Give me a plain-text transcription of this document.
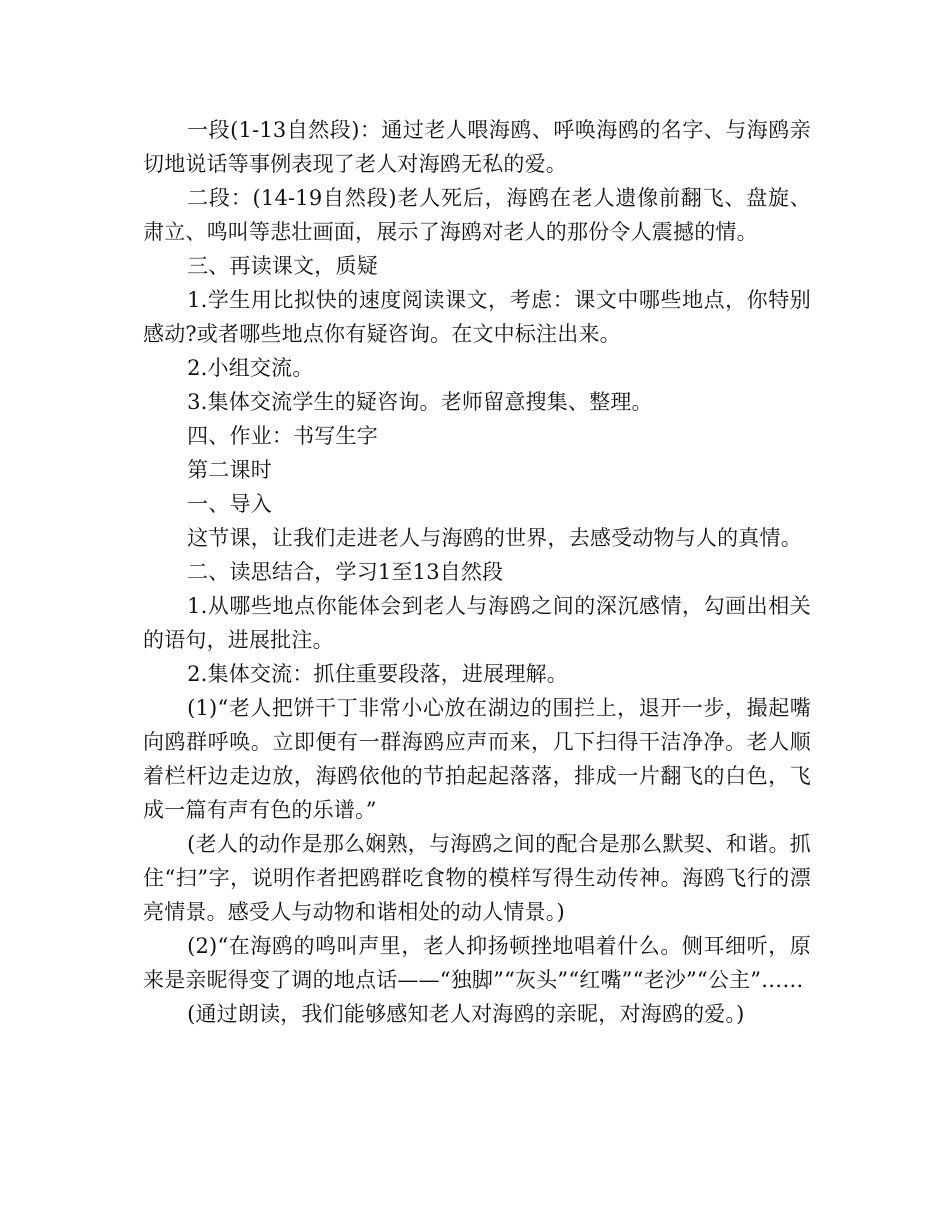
一段(1-13自然段)：通过老人喂海鸥、呼唤海鸥的名字、与海鸥亲切地说话等事例表现了老人对海鸥无私的爱。

二段：(14-19自然段)老人死后，海鸥在老人遗像前翻飞、盘旋、肃立、鸣叫等悲壮画面，展示了海鸥对老人的那份令人震撼的情。

三、再读课文，质疑

1.学生用比拟快的速度阅读课文，考虑：课文中哪些地点，你特别感动?或者哪些地点你有疑咨询。在文中标注出来。

2.小组交流。

3.集体交流学生的疑咨询。老师留意搜集、整理。

四、作业：书写生字

第二课时

一、导入

这节课，让我们走进老人与海鸥的世界，去感受动物与人的真情。

二、读思结合，学习1至13自然段

1.从哪些地点你能体会到老人与海鸥之间的深沉感情，勾画出相关的语句，进展批注。

2.集体交流：抓住重要段落，进展理解。

(1)“老人把饼干丁非常小心放在湖边的围拦上，退开一步，撮起嘴向鸥群呼唤。立即便有一群海鸥应声而来，几下扫得干洁净净。老人顺着栏杆边走边放，海鸥依他的节拍起起落落，排成一片翻飞的白色，飞成一篇有声有色的乐谱。”

(老人的动作是那么娴熟，与海鸥之间的配合是那么默契、和谐。抓住“扫”字，说明作者把鸥群吃食物的模样写得生动传神。海鸥飞行的漂亮情景。感受人与动物和谐相处的动人情景。)

(2)“在海鸥的鸣叫声里，老人抑扬顿挫地唱着什么。侧耳细听，原来是亲昵得变了调的地点话——“独脚”“灰头”“红嘴”“老沙”“公主”……

(通过朗读，我们能够感知老人对海鸥的亲昵，对海鸥的爱。)
